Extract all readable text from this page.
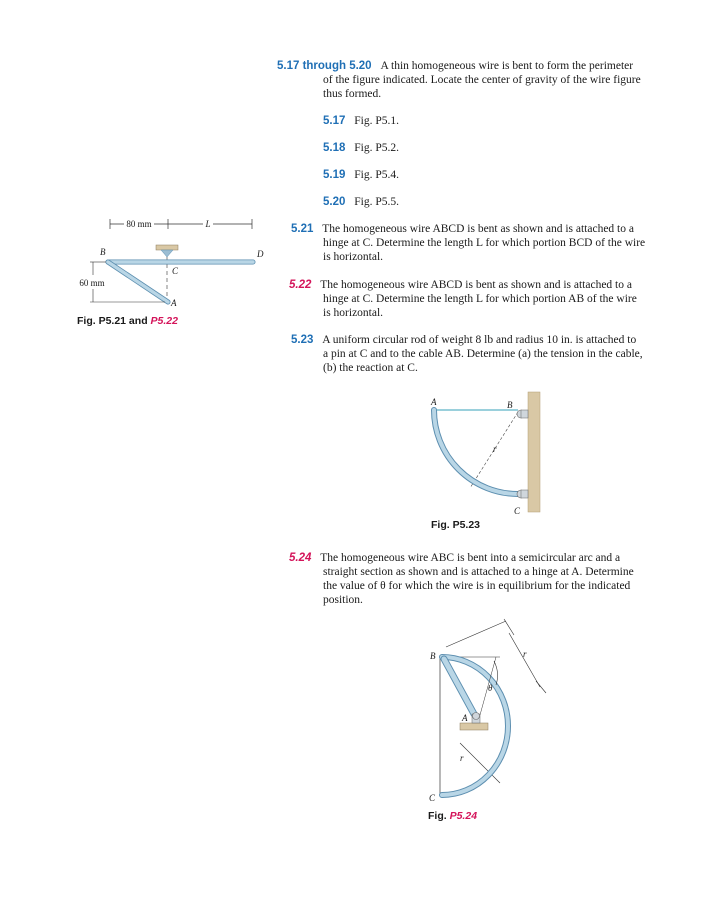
5.17 through 5.20 A thin homogeneous wire is bent to form the perimeter
of the figure indicated. Locate the center of gravity of the wire figure
thus formed.
5.17 Fig. P5.1.
5.18 Fig. P5.2.
5.19 Fig. P5.4.
5.20 Fig. P5.5.
5.21 The homogeneous wire ABCD is bent as shown and is attached to a
hinge at C. Determine the length L for which portion BCD of the wire
is horizontal.
5.22 The homogeneous wire ABCD is bent as shown and is attached to a
hinge at C. Determine the length L for which portion AB of the wire
is horizontal.
5.23 A uniform circular rod of weight 8 lb and radius 10 in. is attached to
a pin at C and to the cable AB. Determine (a) the tension in the cable,
(b) the reaction at C.
5.24 The homogeneous wire ABC is bent into a semicircular arc and a
straight section as shown and is attached to a hinge at A. Determine
the value of θ for which the wire is in equilibrium for the indicated
position.
80 mm	L
60 mm
B	D
C
A
Fig. P5.21 and P5.22
A	B
C
r
Fig. P5.23
r
r
θ
B
A
C
Fig. P5.24
